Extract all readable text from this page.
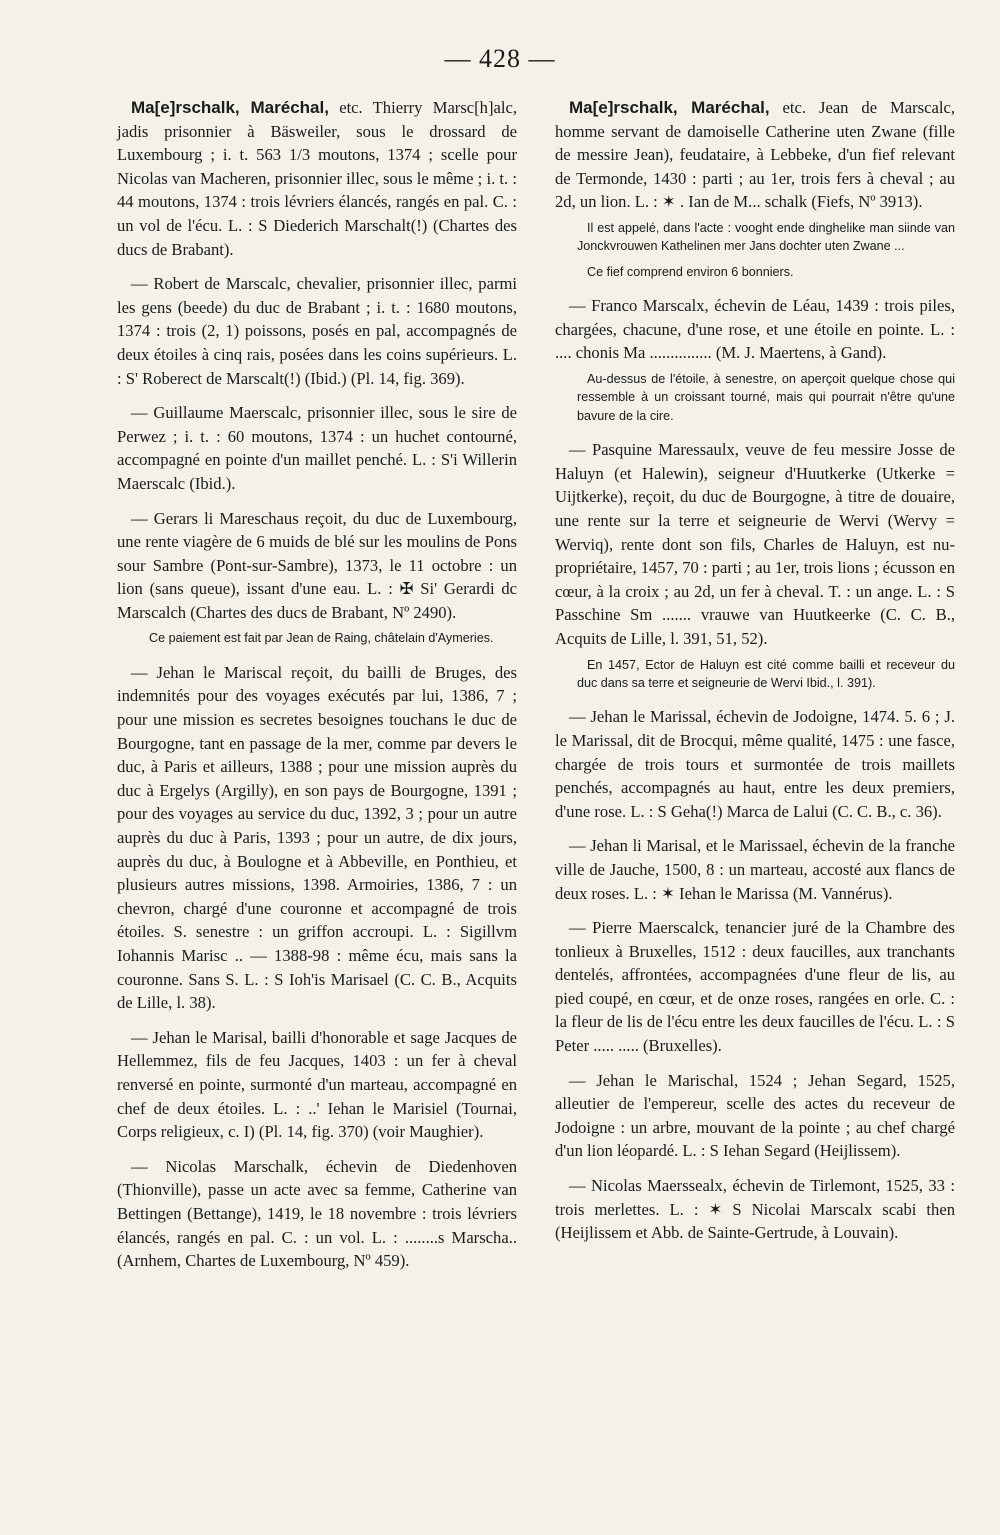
— 428 —

Ma[e]rschalk, Maréchal, etc. Thierry Marsc[h]alc, jadis prisonnier à Bäsweiler, sous le drossard de Luxembourg ; i. t. 563 1/3 moutons, 1374 ; scelle pour Nicolas van Macheren, prisonnier illec, sous le même ; i. t. : 44 moutons, 1374 : trois lévriers élancés, rangés en pal. C. : un vol de l'écu. L. : S Diederich Marschalt(!) (Chartes des ducs de Brabant).

— Robert de Marscalc, chevalier, prisonnier illec, parmi les gens (beede) du duc de Brabant ; i. t. : 1680 moutons, 1374 : trois (2, 1) poissons, posés en pal, accompagnés de deux étoiles à cinq rais, posées dans les coins supérieurs. L. : S' Roberect de Marscalt(!) (Ibid.) (Pl. 14, fig. 369).

— Guillaume Maerscalc, prisonnier illec, sous le sire de Perwez ; i. t. : 60 moutons, 1374 : un huchet contourné, accompagné en pointe d'un maillet penché. L. : S'i Willerin Maerscalc (Ibid.).

— Gerars li Mareschaus reçoit, du duc de Luxembourg, une rente viagère de 6 muids de blé sur les moulins de Pons sour Sambre (Pont-sur-Sambre), 1373, le 11 octobre : un lion (sans queue), issant d'une eau. L. : ✠ Si' Gerardi dc Marscalch (Chartes des ducs de Brabant, Nº 2490).

Ce paiement est fait par Jean de Raing, châtelain d'Aymeries.

— Jehan le Mariscal reçoit, du bailli de Bruges, des indemnités pour des voyages exécutés par lui, 1386, 7 ; pour une mission es secretes besoignes touchans le duc de Bourgogne, tant en passage de la mer, comme par devers le duc, à Paris et ailleurs, 1388 ; pour une mission auprès du duc à Ergelys (Argilly), en son pays de Bourgogne, 1391 ; pour des voyages au service du duc, 1392, 3 ; pour un autre auprès du duc à Paris, 1393 ; pour un autre, de dix jours, auprès du duc, à Boulogne et à Abbeville, en Ponthieu, et plusieurs autres missions, 1398. Armoiries, 1386, 7 : un chevron, chargé d'une couronne et accompagné de trois étoiles. S. senestre : un griffon accroupi. L. : Sigillvm Iohannis Marisc .. — 1388-98 : même écu, mais sans la couronne. Sans S. L. : S Ioh'is Marisael (C. C. B., Acquits de Lille, l. 38).

— Jehan le Marisal, bailli d'honorable et sage Jacques de Hellemmez, fils de feu Jacques, 1403 : un fer à cheval renversé en pointe, surmonté d'un marteau, accompagné en chef de deux étoiles. L. : ..' Iehan le Marisiel (Tournai, Corps religieux, c. I) (Pl. 14, fig. 370) (voir Maughier).

— Nicolas Marschalk, échevin de Diedenhoven (Thionville), passe un acte avec sa femme, Catherine van Bettingen (Bettange), 1419, le 18 novembre : trois lévriers élancés, rangés en pal. C. : un vol. L. : ........s Marscha.. (Arnhem, Chartes de Luxembourg, Nº 459).

Ma[e]rschalk, Maréchal, etc. Jean de Marscalc, homme servant de damoiselle Catherine uten Zwane (fille de messire Jean), feudataire, à Lebbeke, d'un fief relevant de Termonde, 1430 : parti ; au 1er, trois fers à cheval ; au 2d, un lion. L. : ✶ . Ian de M... schalk (Fiefs, Nº 3913).

Il est appelé, dans l'acte : vooght ende dinghelike man siinde van Jonckvrouwen Kathelinen mer Jans dochter uten Zwane ...

Ce fief comprend environ 6 bonniers.

— Franco Marscalx, échevin de Léau, 1439 : trois piles, chargées, chacune, d'une rose, et une étoile en pointe. L. : .... chonis Ma ............... (M. J. Maertens, à Gand).

Au-dessus de l'étoile, à senestre, on aperçoit quelque chose qui ressemble à un croissant tourné, mais qui pourrait n'être qu'une bavure de la cire.

— Pasquine Maressaulx, veuve de feu messire Josse de Haluyn (et Halewin), seigneur d'Huutkerke (Utkerke = Uijtkerke), reçoit, du duc de Bourgogne, à titre de douaire, une rente sur la terre et seigneurie de Wervi (Wervy = Werviq), rente dont son fils, Charles de Haluyn, est nu-propriétaire, 1457, 70 : parti ; au 1er, trois lions ; écusson en cœur, à la croix ; au 2d, un fer à cheval. T. : un ange. L. : S Passchine Sm ....... vrauwe van Huutkeerke (C. C. B., Acquits de Lille, l. 391, 51, 52).

En 1457, Ector de Haluyn est cité comme bailli et receveur du duc dans sa terre et seigneurie de Wervi Ibid., l. 391).

— Jehan le Marissal, échevin de Jodoigne, 1474. 5. 6 ; J. le Marissal, dit de Brocqui, même qualité, 1475 : une fasce, chargée de trois tours et surmontée de trois maillets penchés, accompagnés au haut, entre les deux premiers, d'une rose. L. : S Geha(!) Marca de Lalui (C. C. B., c. 36).

— Jehan li Marisal, et le Marissael, échevin de la franche ville de Jauche, 1500, 8 : un marteau, accosté aux flancs de deux roses. L. : ✶ Iehan le Marissa (M. Vannérus).

— Pierre Maerscalck, tenancier juré de la Chambre des tonlieux à Bruxelles, 1512 : deux faucilles, aux tranchants dentelés, affrontées, accompagnées d'une fleur de lis, au pied coupé, en cœur, et de onze roses, rangées en orle. C. : la fleur de lis de l'écu entre les deux faucilles de l'écu. L. : S Peter ..... ..... (Bruxelles).

— Jehan le Marischal, 1524 ; Jehan Segard, 1525, alleutier de l'empereur, scelle des actes du receveur de Jodoigne : un arbre, mouvant de la pointe ; au chef chargé d'un lion léopardé. L. : S Iehan Segard (Heijlissem).

— Nicolas Maerssealx, échevin de Tirlemont, 1525, 33 : trois merlettes. L. : ✶ S Nicolai Marscalx scabi then (Heijlissem et Abb. de Sainte-Gertrude, à Louvain).
